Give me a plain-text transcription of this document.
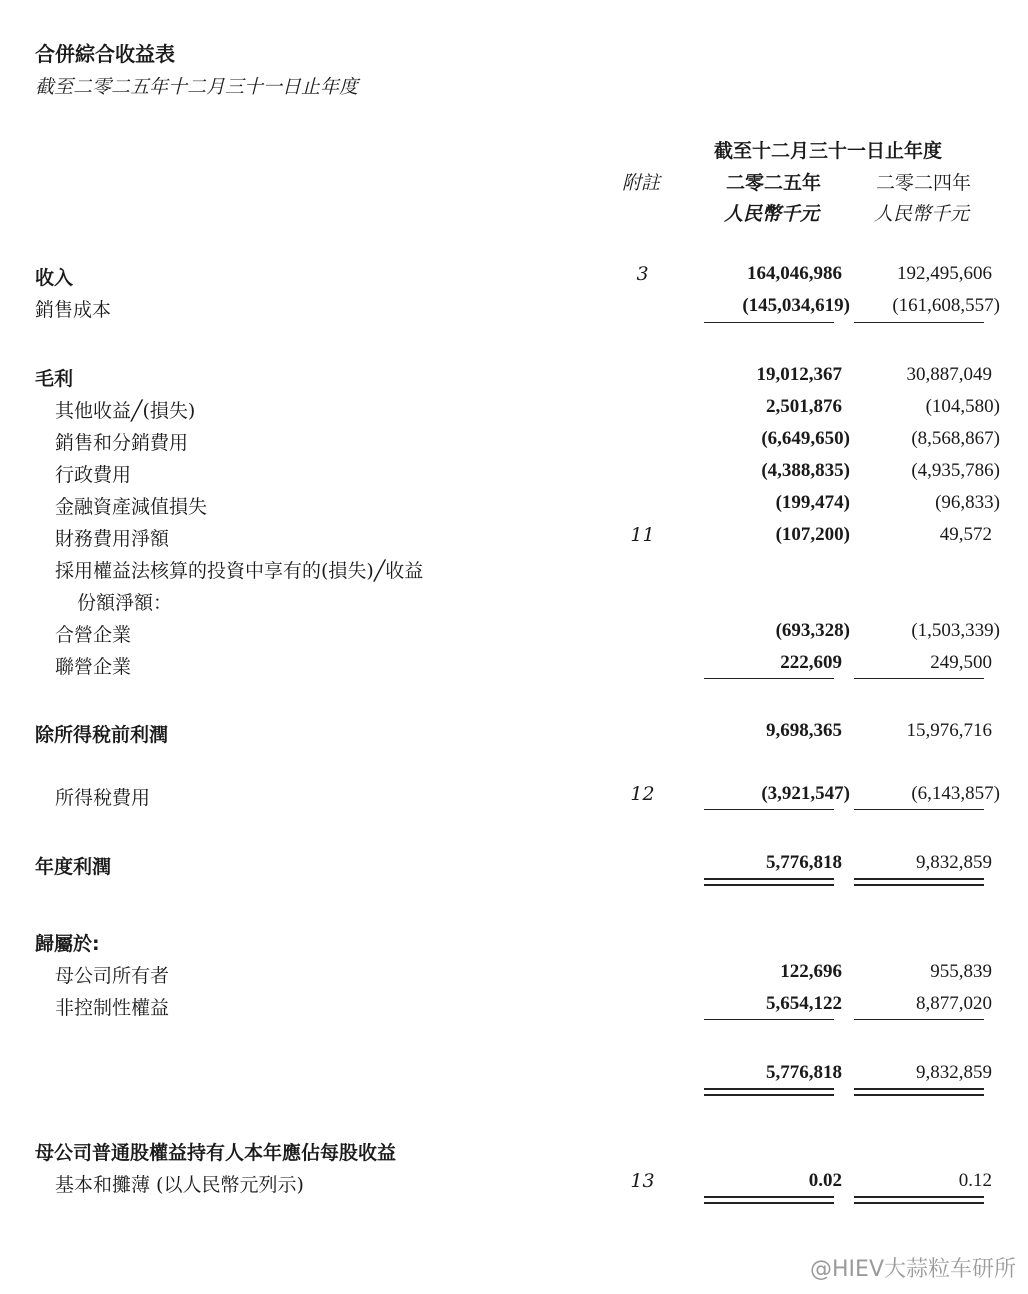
合併綜合收益表
截至二零二五年十二月三十一日止年度
截至十二月三十一日止年度
附註	二零二五年	二零二四年
人民幣千元	人民幣千元
收入	3	164,046,986	192,495,606
銷售成本	(145,034,619) (161,608,557)
毛利	19,012,367	30,887,049
其他收益╱(損失)	2,501,876	(104,580)
銷售和分銷費用	(6,649,650)	(8,568,867)
行政費用	(4,388,835)	(4,935,786)
金融資產減值損失	(199,474)	(96,833)
財務費用淨額	11	(107,200)	49,572
採用權益法核算的投資中享有的(損失)╱收益
份額淨額：
合營企業	(693,328)	(1,503,339)
聯營企業	222,609	249,500
除所得稅前利潤	9,698,365	15,976,716
所得稅費用	12	(3,921,547)	(6,143,857)
年度利潤	5,776,818	9,832,859
歸屬於:
母公司所有者	122,696	955,839
非控制性權益	5,654,122	8,877,020
5,776,818	9,832,859
母公司普通股權益持有人本年應佔每股收益
基本和攤薄 (以人民幣元列示)	13	0.02	0.12
@HIEV大蒜粒车研所
